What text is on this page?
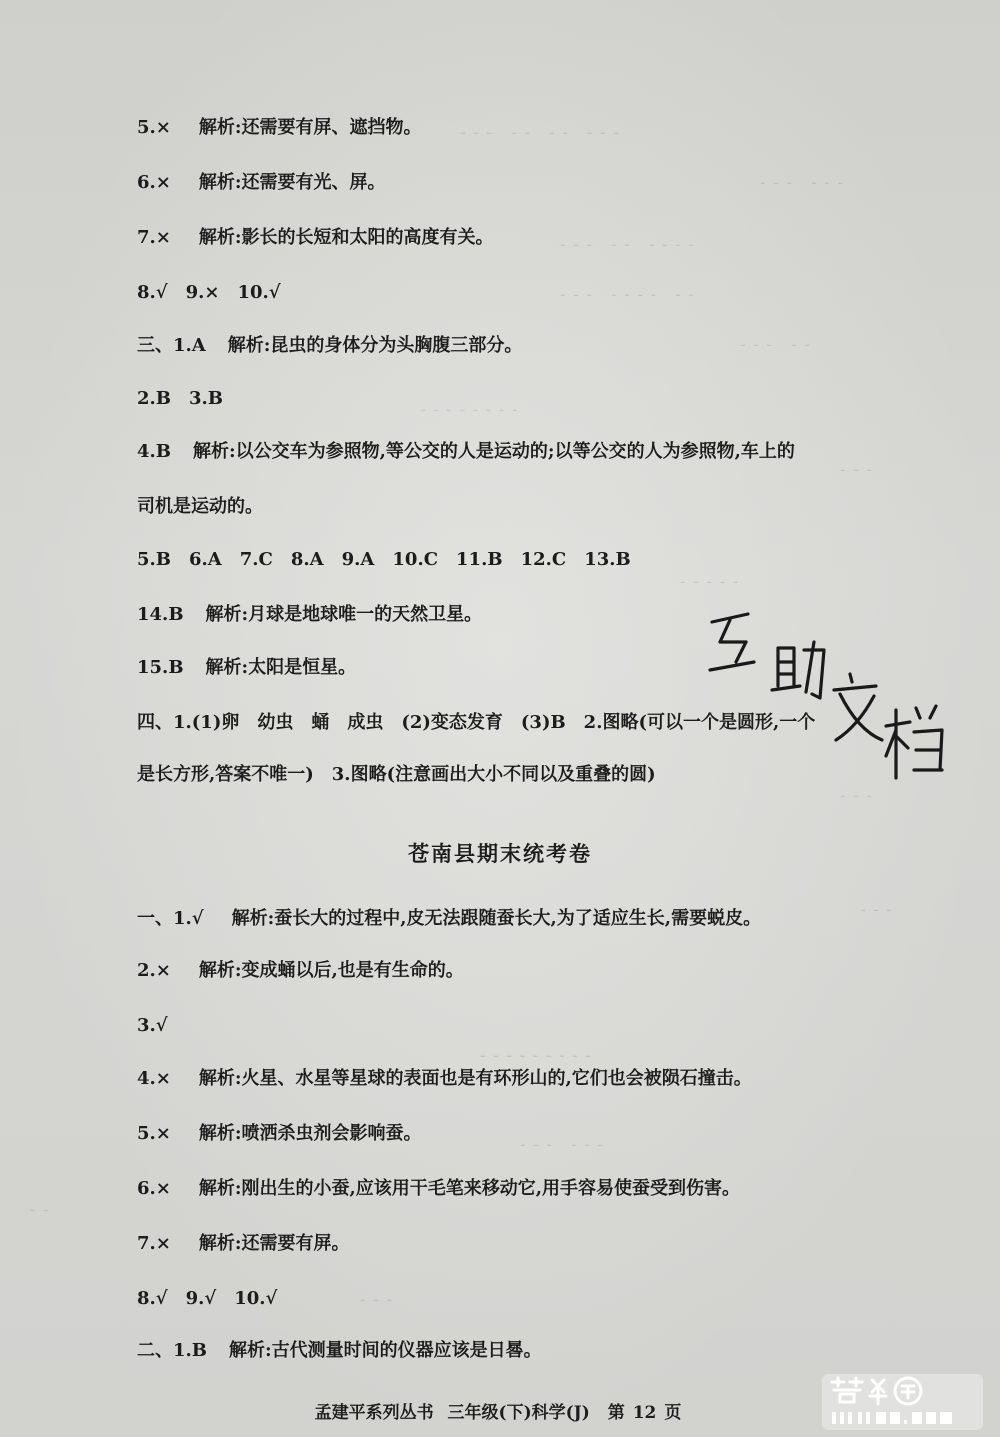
- - -　- -　- -　- - -
- - -　- - -
- - -　- -　- - - -
- - -　- - - -　- -
- - -　- -
- - - - - - - -
- - -
- - - - -
- - -
- - -
- - - - - - - - -
- - -　- - -
- -
- - -
5.× 解析:还需要有屏、遮挡物。
6.× 解析:还需要有光、屏。
7.× 解析:影长的长短和太阳的高度有关。
8.√　9.×　10.√
三、1.A 解析:昆虫的身体分为头胸腹三部分。
2.B　3.B
4.B 解析:以公交车为参照物,等公交的人是运动的;以等公交的人为参照物,车上的
司机是运动的。
5.B　6.A　7.C　8.A　9.A　10.C　11.B　12.C　13.B
14.B 解析:月球是地球唯一的天然卫星。
15.B 解析:太阳是恒星。
四、1.(1)卵　幼虫　蛹　成虫　(2)变态发育　(3)B　2.图略(可以一个是圆形,一个
是长方形,答案不唯一)　3.图略(注意画出大小不同以及重叠的圆)
苍南县期末统考卷
一、1.√ 解析:蚕长大的过程中,皮无法跟随蚕长大,为了适应生长,需要蜕皮。
2.× 解析:变成蛹以后,也是有生命的。
3.√
4.× 解析:火星、水星等星球的表面也是有环形山的,它们也会被陨石撞击。
5.× 解析:喷洒杀虫剂会影响蚕。
6.× 解析:刚出生的小蚕,应该用干毛笔来移动它,用手容易使蚕受到伤害。
7.× 解析:还需要有屏。
8.√　9.√　10.√
二、1.B 解析:古代测量时间的仪器应该是日晷。
孟建平系列丛书 三年级(下)科学(J) 第 12 页
